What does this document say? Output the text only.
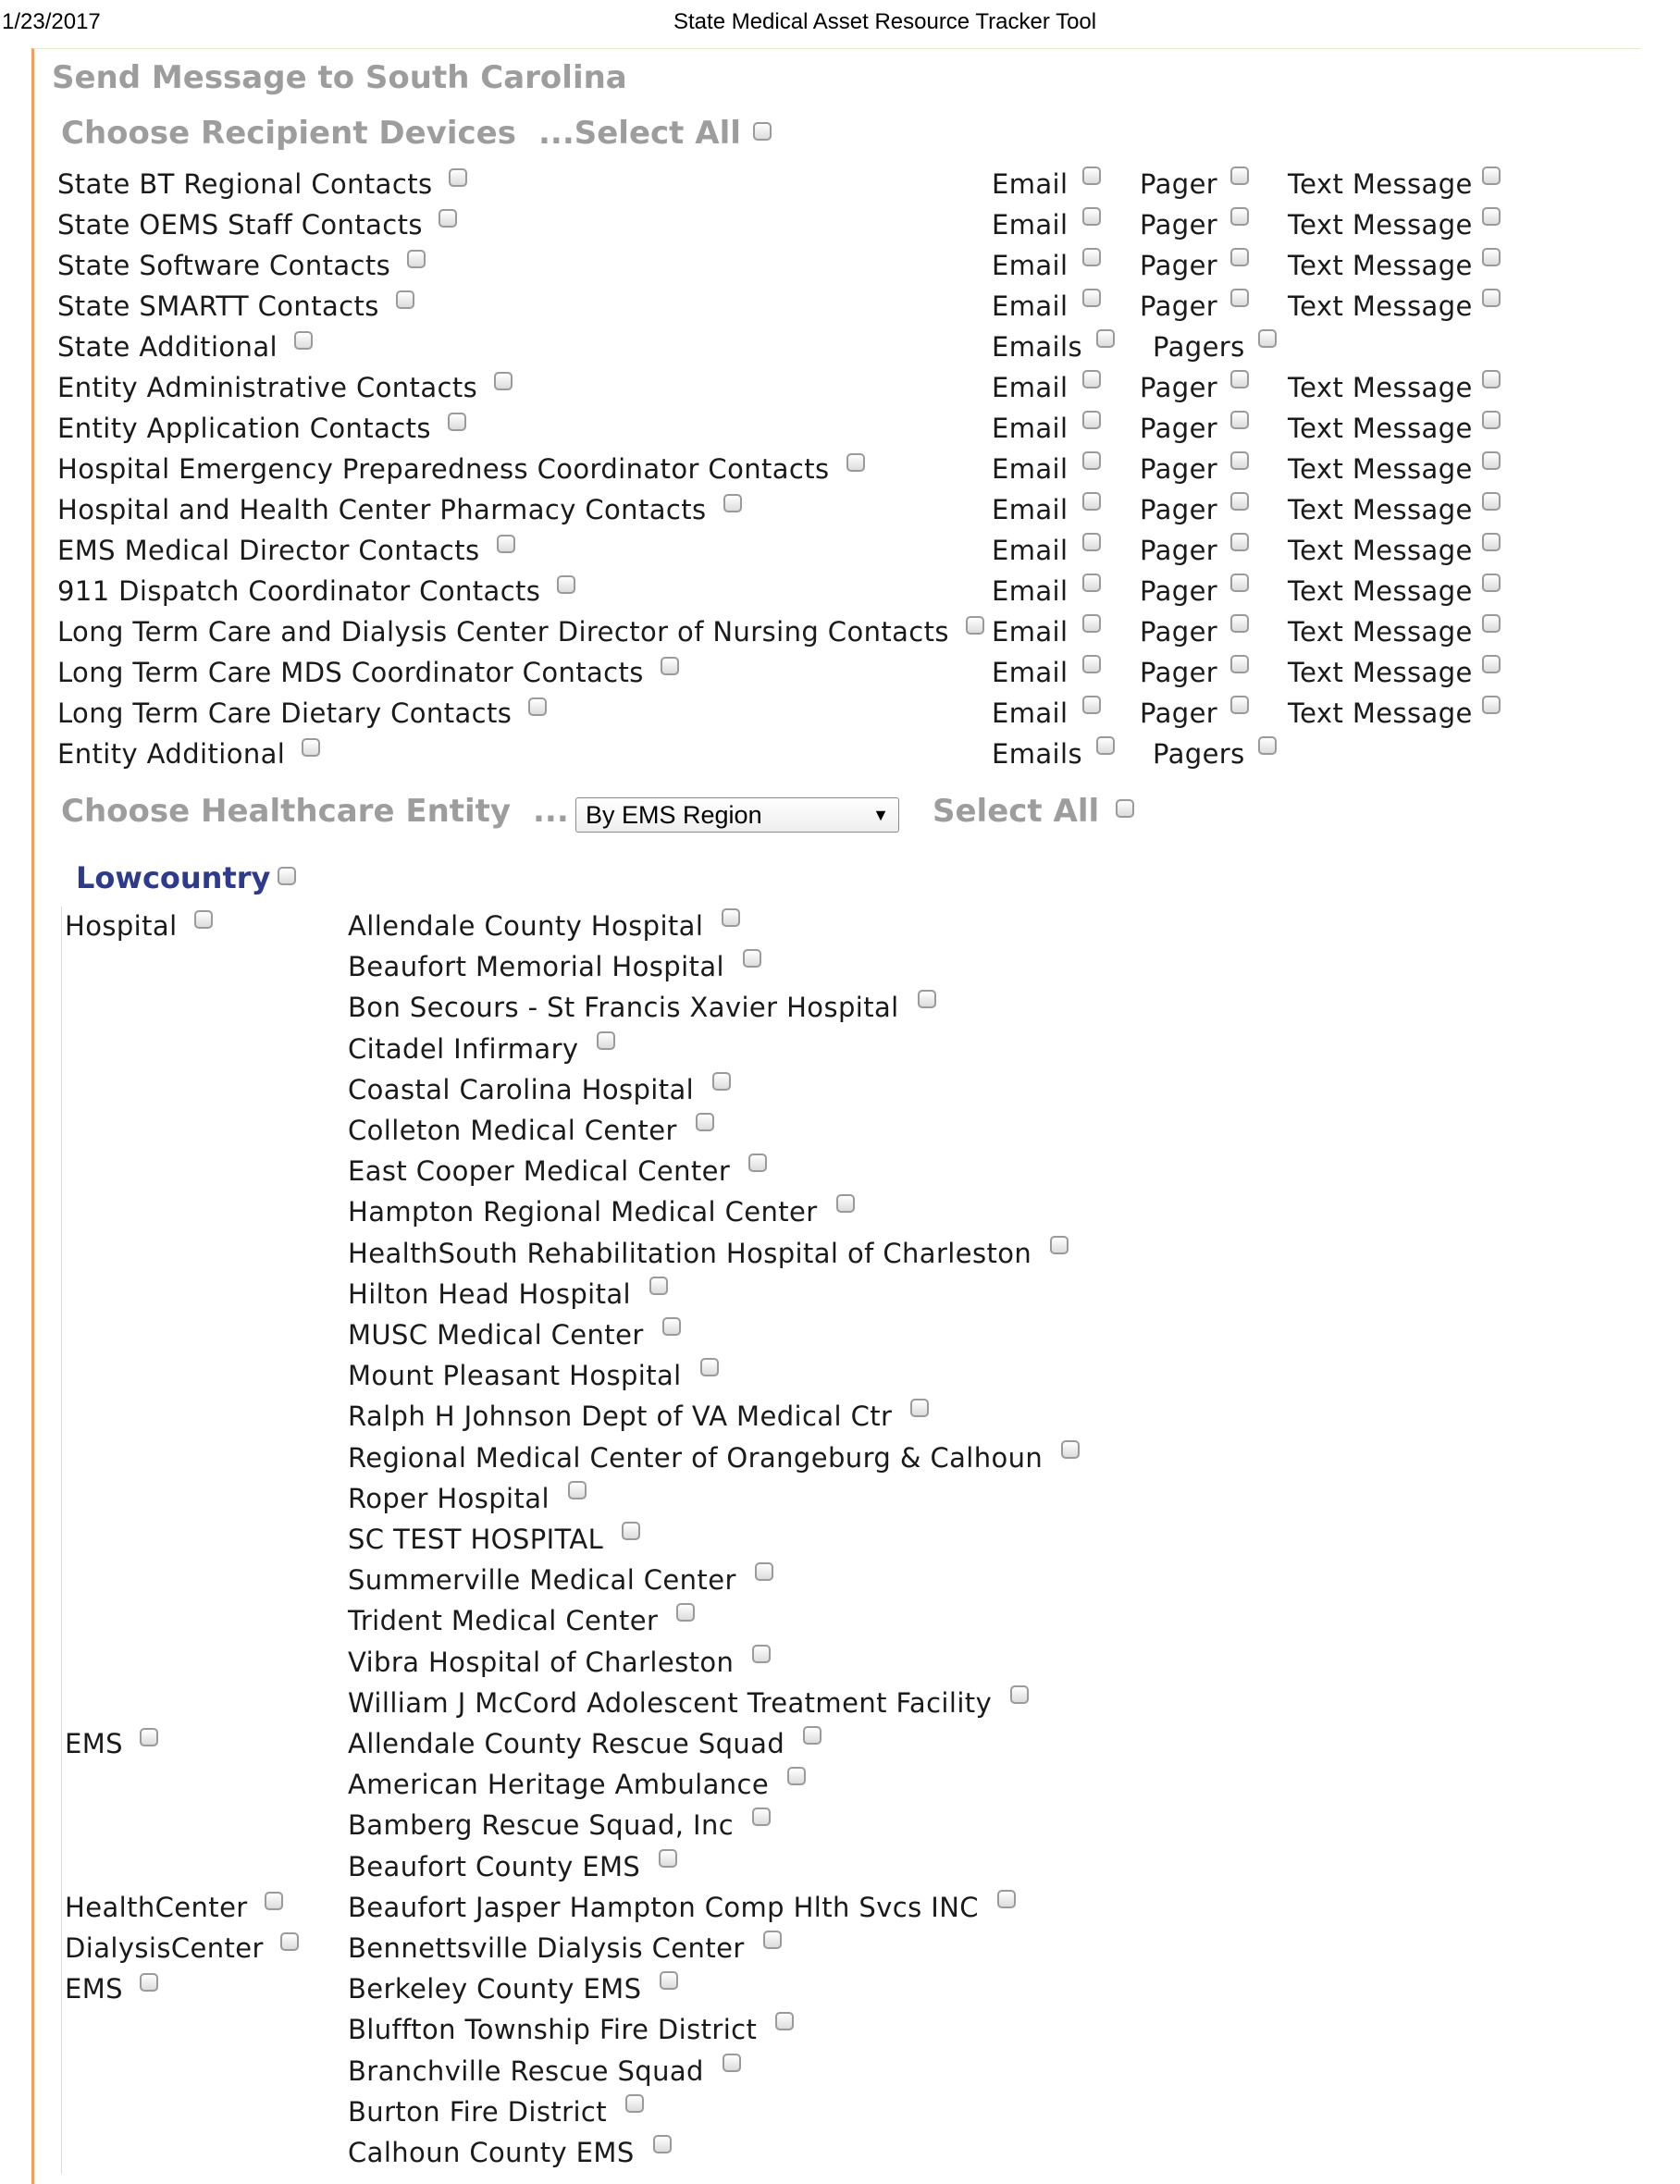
1/23/2017	State Medical Asset Resource Tracker Tool
Send Message to South Carolina
Choose Recipient Devices ...Select All
State BT Regional Contacts	Email	Pager	Text Message
State OEMS Staff Contacts	Email	Pager	Text Message
State Software Contacts	Email	Pager	Text Message
State SMARTT Contacts	Email	Pager	Text Message
State Additional	Emails	Pagers
Entity Administrative Contacts	Email	Pager	Text Message
Entity Application Contacts	Email	Pager	Text Message
Hospital Emergency Preparedness Coordinator Contacts	Email	Pager	Text Message
Hospital and Health Center Pharmacy Contacts	Email	Pager	Text Message
EMS Medical Director Contacts	Email	Pager	Text Message
911 Dispatch Coordinator Contacts	Email	Pager	Text Message
Long Term Care and Dialysis Center Director of Nursing Contacts Email	Pager	Text Message
Long Term Care MDS Coordinator Contacts	Email	Pager	Text Message
Long Term Care Dietary Contacts	Email	Pager	Text Message
Entity Additional	Emails	Pagers
Choose Healthcare Entity ... By EMS Region	▼ Select All
Lowcountry
Hospital	Allendale County Hospital
Beaufort Memorial Hospital
Bon Secours - St Francis Xavier Hospital
Citadel Infirmary
Coastal Carolina Hospital
Colleton Medical Center
East Cooper Medical Center
Hampton Regional Medical Center
HealthSouth Rehabilitation Hospital of Charleston
Hilton Head Hospital
MUSC Medical Center
Mount Pleasant Hospital
Ralph H Johnson Dept of VA Medical Ctr
Regional Medical Center of Orangeburg & Calhoun
Roper Hospital
SC TEST HOSPITAL
Summerville Medical Center
Trident Medical Center
Vibra Hospital of Charleston
William J McCord Adolescent Treatment Facility
EMS	Allendale County Rescue Squad
American Heritage Ambulance
Bamberg Rescue Squad, Inc
Beaufort County EMS
HealthCenter	Beaufort Jasper Hampton Comp Hlth Svcs INC
DialysisCenter	Bennettsville Dialysis Center
EMS	Berkeley County EMS
Bluffton Township Fire District
Branchville Rescue Squad
Burton Fire District
Calhoun County EMS
